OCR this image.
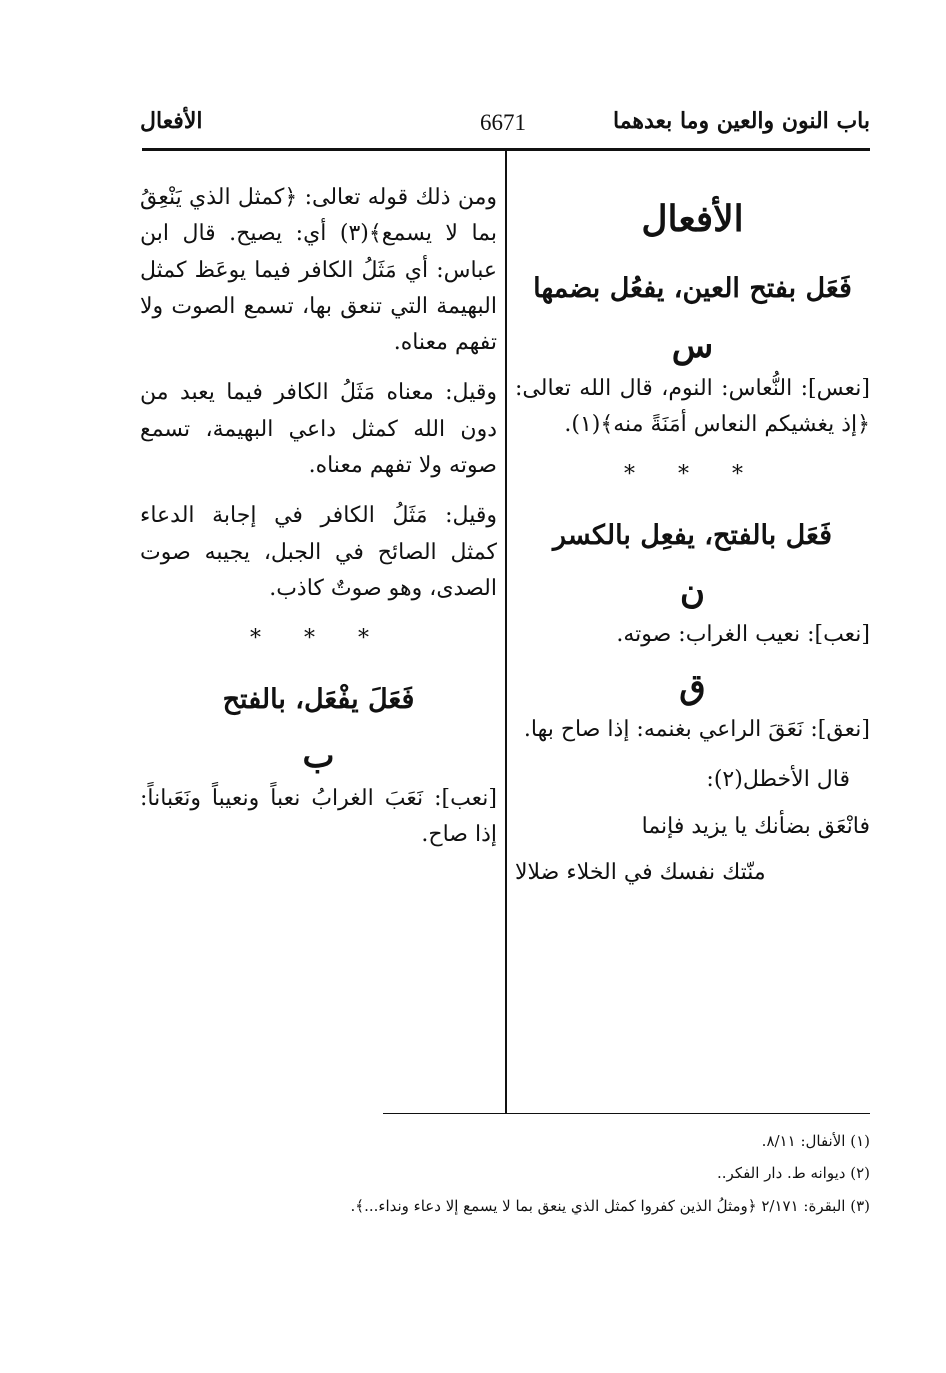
باب النون والعين وما بعدهما
6671
الأفعال
الأفعال
فَعَل بفتح العين، يفعُل بضمها
س

[نعس]: النُّعاس: النوم، قال الله تعالى: ﴿إذ يغشيكم النعاس أمَنَةً منه﴾(١).

* * *
فَعَل بالفتح، يفعِل بالكسر
ن

[نعب]: نعيب الغراب: صوته.

ق

[نعق]: نَعَقَ الراعي بغنمه: إذا صاح بها.

قال الأخطل(٢):

فانْعَق بضأنك يا يزيد فإنما

منّتك نفسك في الخلاء ضلالا

ومن ذلك قوله تعالى: ﴿كمثل الذي يَنْعِقُ بما لا يسمع﴾(٣) أي: يصيح. قال ابن عباس: أي مَثَلُ الكافر فيما يوعَظ كمثل البهيمة التي تنعق بها، تسمع الصوت ولا تفهم معناه.

وقيل: معناه مَثَلُ الكافر فيما يعبد من دون الله كمثل داعي البهيمة، تسمع صوته ولا تفهم معناه.

وقيل: مَثَلُ الكافر في إجابة الدعاء كمثل الصائح في الجبل، يجيبه صوت الصدى، وهو صوتٌ كاذب.

* * *
فَعَلَ يفْعَل، بالفتح
ب

[نعب]: نَعَبَ الغرابُ نعباً ونعيباً ونَعَباناً: إذا صاح.

(١) الأنفال: ٨/١١.
(٢) ديوانه ط. دار الفكر..
(٣) البقرة: ٢/١٧١ ﴿ومثلُ الذين كفروا كمثل الذي ينعق بما لا يسمع إلا دعاء ونداء...﴾.
